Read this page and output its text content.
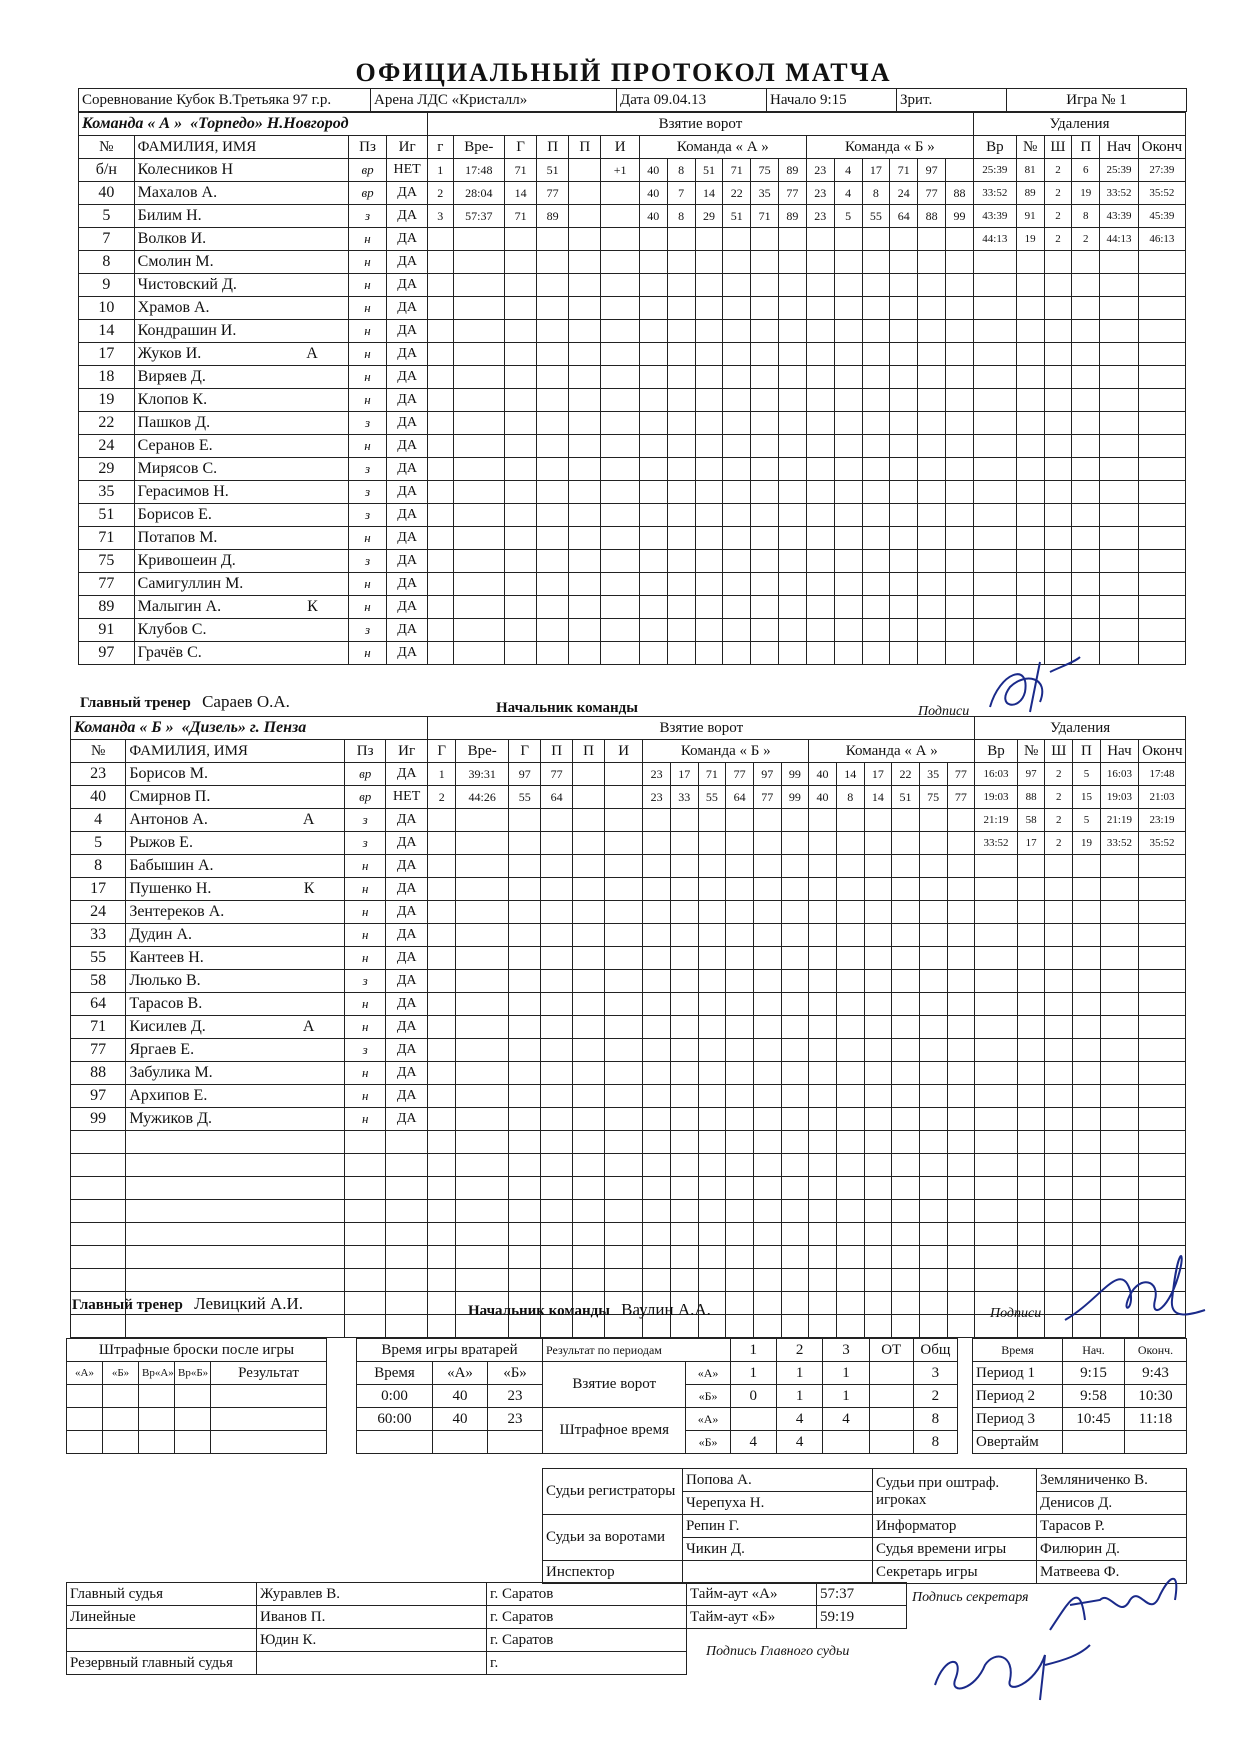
ОФИЦИАЛЬНЫЙ ПРОТОКОЛ МАТЧА
Соревнование Кубок В.Третьяка 97 г.р.	Арена ЛДС «Кристалл»	Дата 09.04.13	Начало 9:15	Зрит.	Игра № 1
Команда « А » «Торпедо» Н.Новгород				Взятие ворот																		Удаления					
№	ФАМИЛИЯ, ИМЯ	Пз	Иг	г	Вре-	Г	П	П	И	Команда « А »						Команда « Б »						Вр	№	Ш	П	Нач	Оконч
б/н	Колесников Н	вр	НЕТ	1	17:48	71	51		+1	40	8	51	71	75	89	23	4	17	71	97		25:39	81	2	6	25:39	27:39
40	Махалов А.	вр	ДА	2	28:04	14	77			40	7	14	22	35	77	23	4	8	24	77	88	33:52	89	2	19	33:52	35:52
5	Билим Н.	з	ДА	3	57:37	71	89			40	8	29	51	71	89	23	5	55	64	88	99	43:39	91	2	8	43:39	45:39
7	Волков И.	н	ДА																			44:13	19	2	2	44:13	46:13
8	Смолин М.	н	ДА																								
9	Чистовский Д.	н	ДА																								
10	Храмов А.	н	ДА																								
14	Кондрашин И.	н	ДА																								
17	Жуков И. А	н	ДА																								
18	Виряев Д.	н	ДА																								
19	Клопов К.	н	ДА																								
22	Пашков Д.	з	ДА																								
24	Серанов Е.	н	ДА																								
29	Мирясов С.	з	ДА																								
35	Герасимов Н.	з	ДА																								
51	Борисов Е.	з	ДА																								
71	Потапов М.	н	ДА																								
75	Кривошеин Д.	з	ДА																								
77	Самигуллин М.	н	ДА																								
89	Малыгин А. К	н	ДА																								
91	Клубов С.	з	ДА																								
97	Грачёв С.	н	ДА																								
Команда « Б » «Дизель» г. Пенза				Взятие ворот																		Удаления					
№	ФАМИЛИЯ, ИМЯ	Пз	Иг	Г	Вре-	Г	П	П	И	Команда « Б »						Команда « А »						Вр	№	Ш	П	Нач	Оконч
23	Борисов М.	вр	ДА	1	39:31	97	77			23	17	71	77	97	99	40	14	17	22	35	77	16:03	97	2	5	16:03	17:48
40	Смирнов П.	вр	НЕТ	2	44:26	55	64			23	33	55	64	77	99	40	8	14	51	75	77	19:03	88	2	15	19:03	21:03
4	Антонов А. А	з	ДА																			21:19	58	2	5	21:19	23:19
5	Рыжов Е.	з	ДА																			33:52	17	2	19	33:52	35:52
8	Бабышин А.	н	ДА																								
17	Пушенко Н. К	н	ДА																								
24	Зентереков А.	н	ДА																								
33	Дудин А.	н	ДА																								
55	Кантеев Н.	н	ДА																								
58	Люлько В.	з	ДА																								
64	Тарасов В.	н	ДА																								
71	Кисилев Д. А	н	ДА																								
77	Яргаев Е.	з	ДА																								
88	Забулика М.	н	ДА																								
97	Архипов Е.	н	ДА																								
99	Мужиков Д.	н	ДА																								

Главный тренер Сараев О.А.	Начальник команды	Подписи
Главный тренер Левицкий А.И.	Начальник команды Ваулин А.А.	Подписи
Штрафные броски после игры				
«А»	«Б»	Вр«А»	Вр«Б»	Результат

Время игры вратарей		
Время	«А»	«Б»
0:00	40	23
60:00	40	23

Результат по периодам		1	2	3	ОТ	Общ
Взятие ворот	«А»	1	1	1		3
	«Б»	0	1	1		2
Штрафное время	«А»		4	4		8
	«Б»	4	4			8
Время	Нач.	Оконч.
Период 1	9:15	9:43
Период 2	9:58	10:30
Период 3	10:45	11:18
Овертайм		
Судьи регистраторы	Попова А.
	Черепуха Н.
Судьи за воротами	Репин Г.
	Чикин Д.
Инспектор	
Судьи при оштраф. игроках	Земляниченко В.
	Денисов Д.
Информатор	Тарасов Р.
Судья времени игры	Филюрин Д.
Секретарь игры	Матвеева Ф.
Главный судья	Журавлев В.	г. Саратов
Линейные	Иванов П.	г. Саратов
	Юдин К.	г. Саратов
Резервный главный судья		г.
Тайм-аут «А»	57:37
Тайм-аут «Б»	59:19
Подпись секретаря
Подпись Главного судьи
